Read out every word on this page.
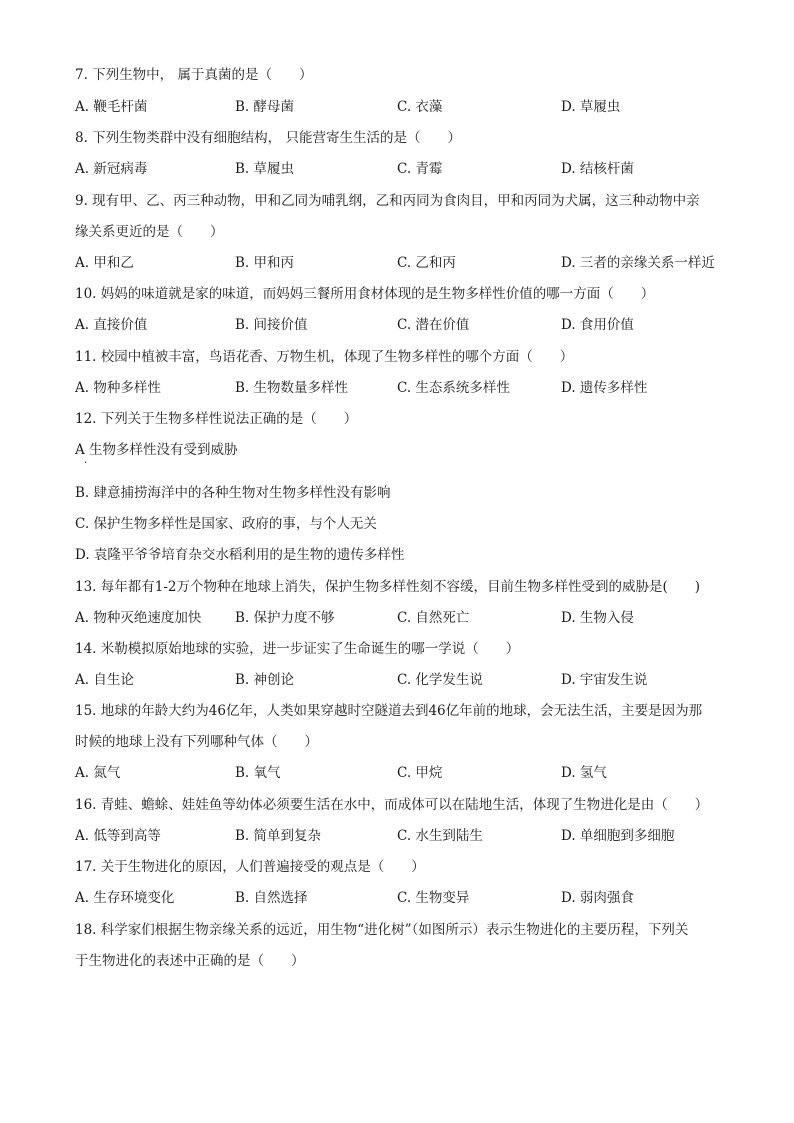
7. 下列生物中， 属于真菌的是（　　）
A. 鞭毛杆菌	B. 酵母菌	C. 衣藻	D. 草履虫
8. 下列生物类群中没有细胞结构， 只能营寄生生活的是（　　）
A. 新冠病毒	B. 草履虫	C. 青霉	D. 结核杆菌
9. 现有甲、乙、丙三种动物，甲和乙同为哺乳纲，乙和丙同为食肉目，甲和丙同为犬属，这三种动物中亲
缘关系更近的是（　　）
A. 甲和乙	B. 甲和丙	C. 乙和丙	D. 三者的亲缘关系一样近
10. 妈妈的味道就是家的味道，而妈妈三餐所用食材体现的是生物多样性价值的哪一方面（　　）
A. 直接价值	B. 间接价值	C. 潜在价值	D. 食用价值
11. 校园中植被丰富，鸟语花香、万物生机，体现了生物多样性的哪个方面（　　）
A. 物种多样性	B. 生物数量多样性	C. 生态系统多样性	D. 遗传多样性
12. 下列关于生物多样性说法正确的是（　　）
A 生物多样性没有受到威胁
·
B. 肆意捕捞海洋中的各种生物对生物多样性没有影响
C. 保护生物多样性是国家、政府的事，与个人无关
D. 袁隆平爷爷培育杂交水稻利用的是生物的遗传多样性
13. 每年都有1-2万个物种在地球上消失，保护生物多样性刻不容缓，目前生物多样性受到的威胁是(　　)
A. 物种灭绝速度加快 B. 保护力度不够	C. 自然死亡	D. 生物入侵
14. 米勒模拟原始地球的实验，进一步证实了生命诞生的哪一学说（　　）
A. 自生论	B. 神创论	C. 化学发生说	D. 宇宙发生说
15. 地球的年龄大约为46亿年，人类如果穿越时空隧道去到46亿年前的地球，会无法生活，主要是因为那
时候的地球上没有下列哪种气体（　　）
A. 氮气	B. 氧气	C. 甲烷	D. 氢气
16. 青蛙、蟾蜍、娃娃鱼等幼体必须要生活在水中，而成体可以在陆地生活，体现了生物进化是由（　　）
A. 低等到高等	B. 简单到复杂	C. 水生到陆生	D. 单细胞到多细胞
17. 关于生物进化的原因，人们普遍接受的观点是（　　）
A. 生存环境变化	B. 自然选择	C. 生物变异	D. 弱肉强食
18. 科学家们根据生物亲缘关系的远近，用生物“进化树”（如图所示）表示生物进化的主要历程，下列关
于生物进化的表述中正确的是（　　）
